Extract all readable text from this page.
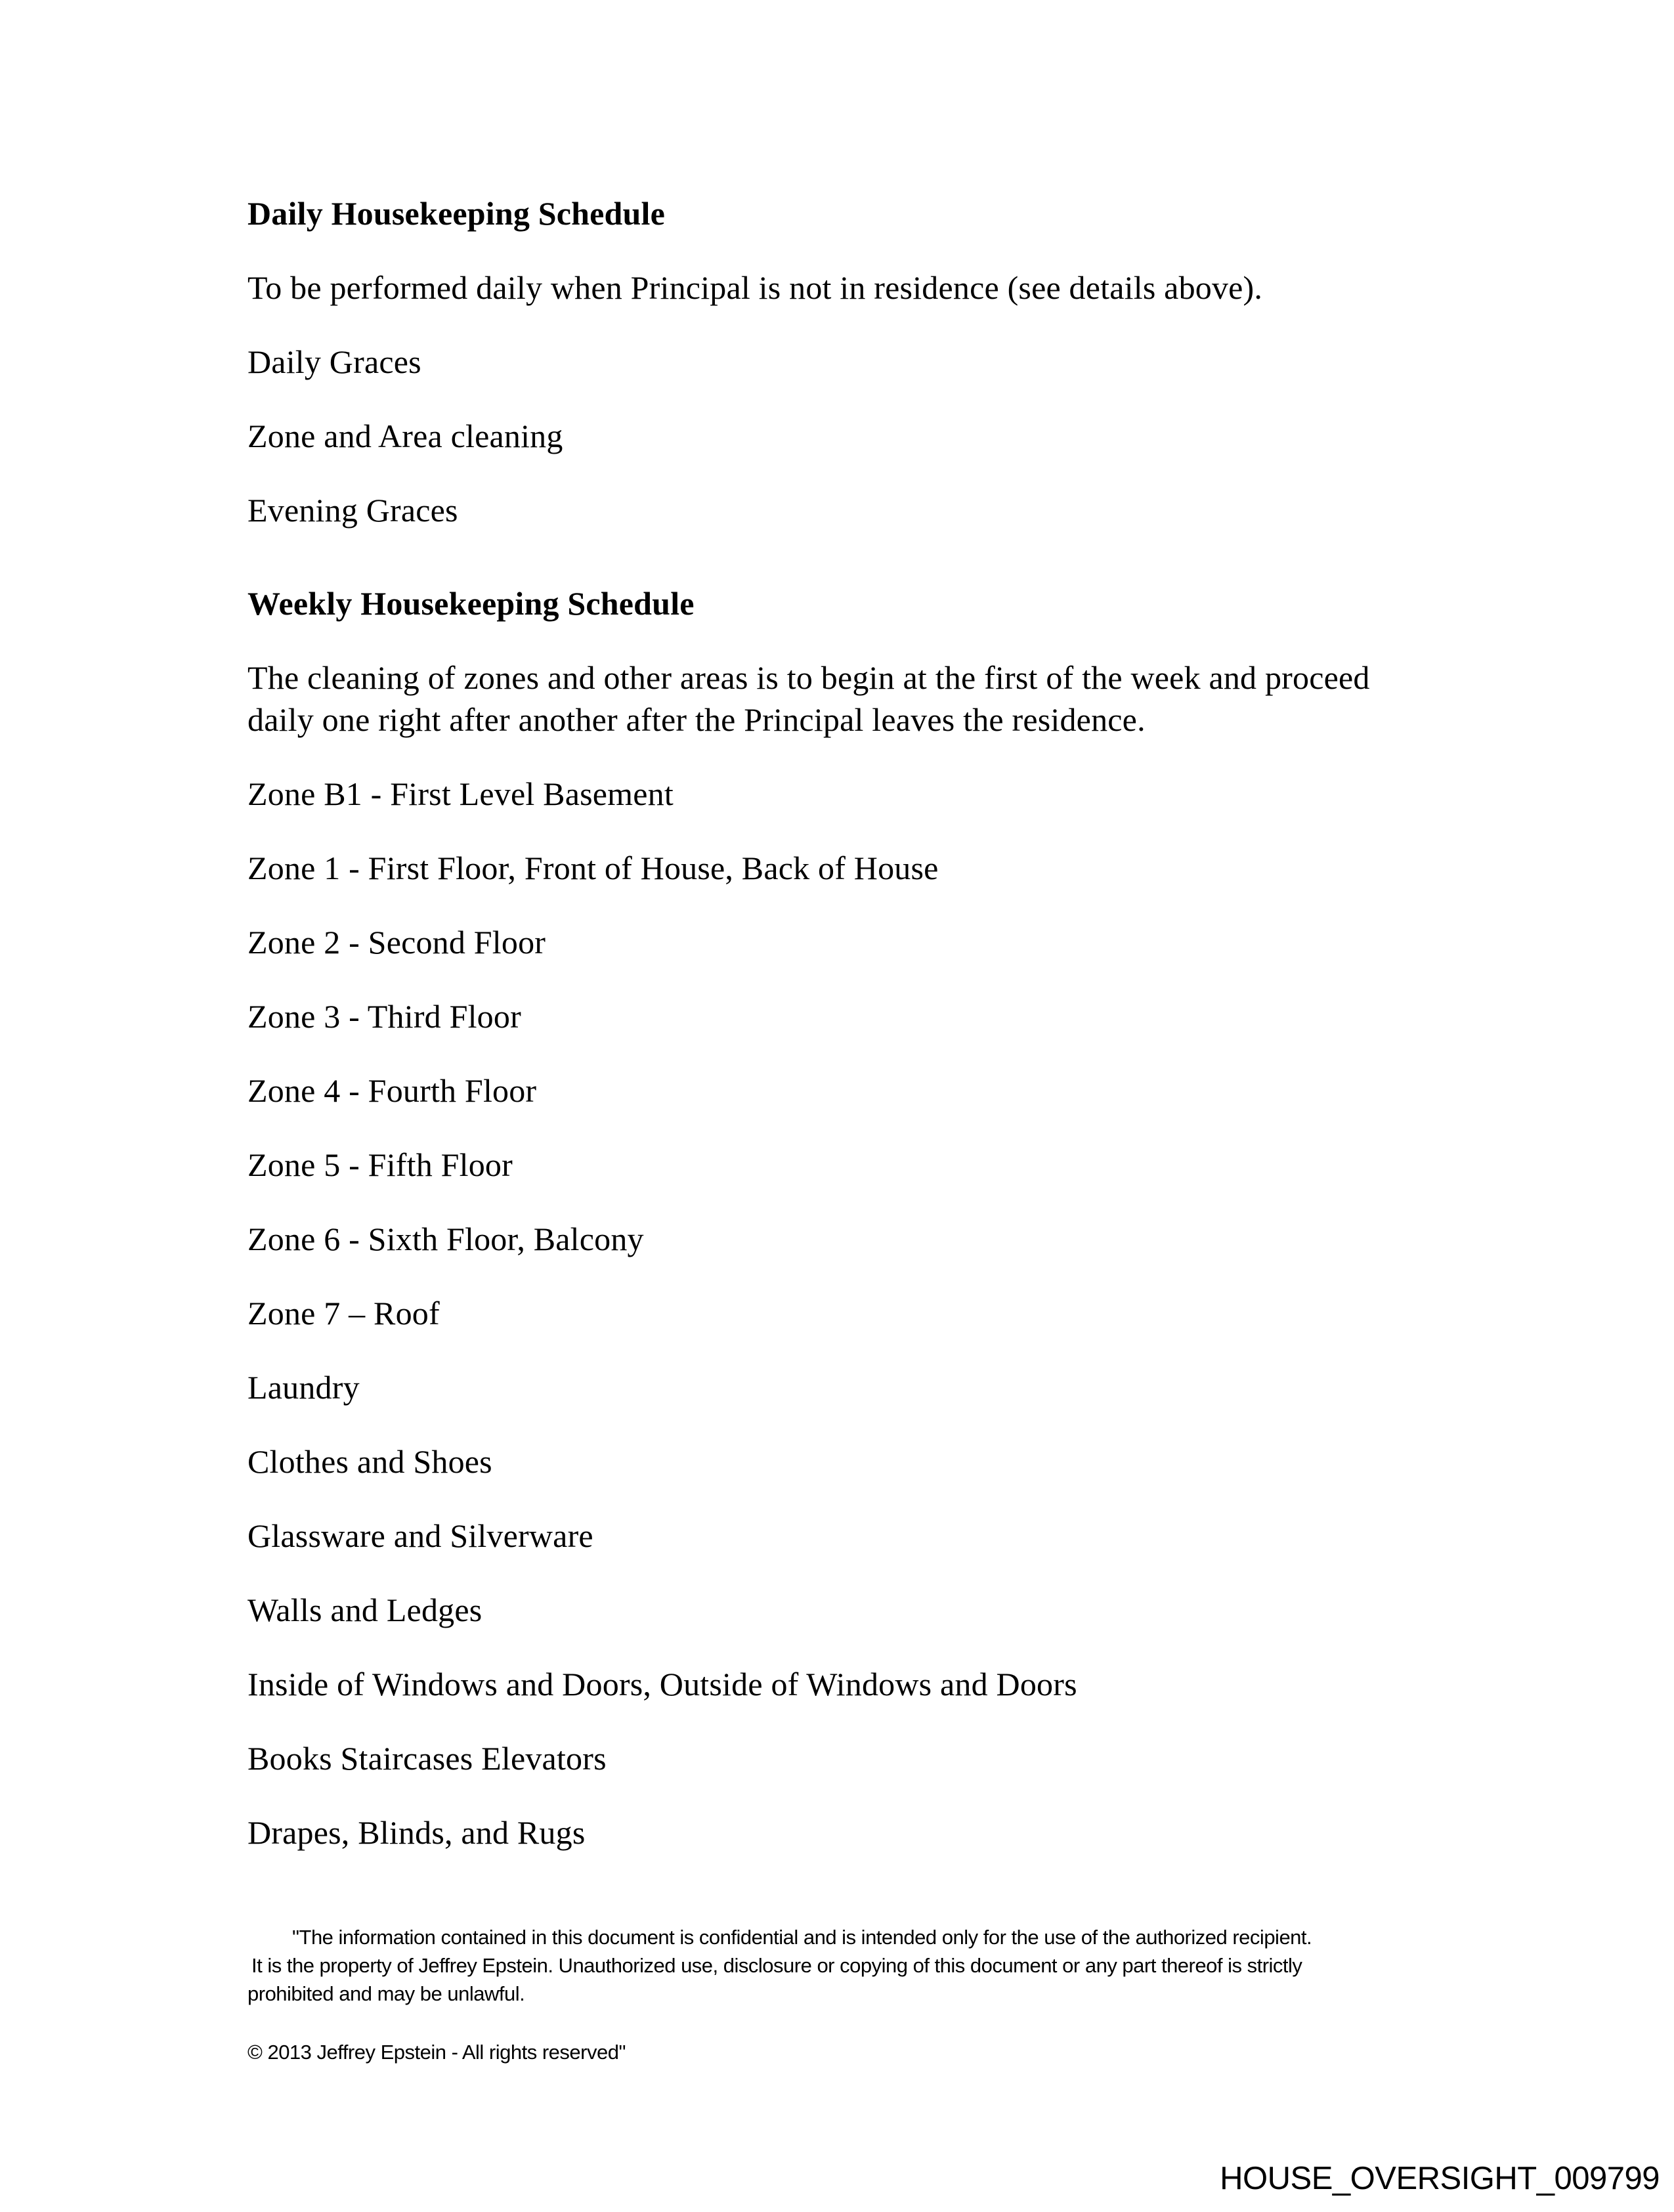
Daily Housekeeping Schedule

To be performed daily when Principal is not in residence (see details above).

Daily Graces

Zone and Area cleaning

Evening Graces

Weekly Housekeeping Schedule

The cleaning of zones and other areas is to begin at the first of the week and proceed

daily one right after another after the Principal leaves the residence.

Zone B1 - First Level Basement

Zone 1 - First Floor, Front of House, Back of House

Zone 2 - Second Floor

Zone 3 - Third Floor

Zone 4 - Fourth Floor

Zone 5 - Fifth Floor

Zone 6 - Sixth Floor, Balcony

Zone 7 – Roof

Laundry

Clothes and Shoes

Glassware and Silverware

Walls and Ledges

Inside of Windows and Doors, Outside of Windows and Doors

Books Staircases Elevators

Drapes, Blinds, and Rugs

"The information contained in this document is confidential and is intended only for the use of the authorized recipient.
It is the property of Jeffrey Epstein. Unauthorized use, disclosure or copying of this document or any part thereof is strictly
prohibited and may be unlawful.
© 2013 Jeffrey Epstein - All rights reserved"
HOUSE_OVERSIGHT_009799
